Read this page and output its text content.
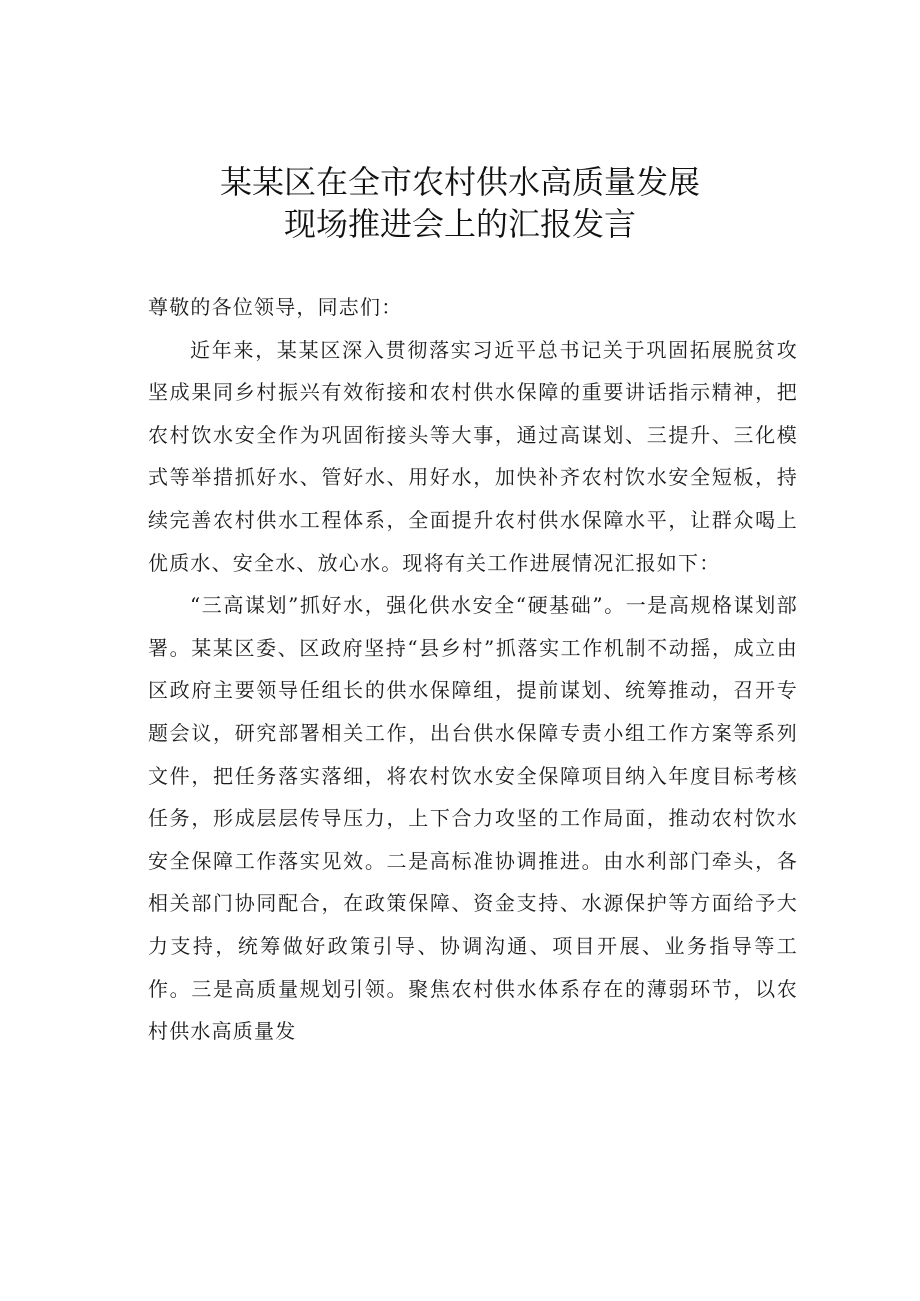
某某区在全市农村供水高质量发展
现场推进会上的汇报发言

尊敬的各位领导，同志们：

近年来，某某区深入贯彻落实习近平总书记关于巩固拓展脱贫攻坚成果同乡村振兴有效衔接和农村供水保障的重要讲话指示精神，把农村饮水安全作为巩固衔接头等大事，通过高谋划、三提升、三化模式等举措抓好水、管好水、用好水，加快补齐农村饮水安全短板，持续完善农村供水工程体系，全面提升农村供水保障水平，让群众喝上优质水、安全水、放心水。现将有关工作进展情况汇报如下：

“三高谋划”抓好水，强化供水安全“硬基础”。一是高规格谋划部署。某某区委、区政府坚持“县乡村”抓落实工作机制不动摇，成立由区政府主要领导任组长的供水保障组，提前谋划、统筹推动，召开专题会议，研究部署相关工作，出台供水保障专责小组工作方案等系列文件，把任务落实落细，将农村饮水安全保障项目纳入年度目标考核任务，形成层层传导压力，上下合力攻坚的工作局面，推动农村饮水安全保障工作落实见效。二是高标准协调推进。由水利部门牵头，各相关部门协同配合，在政策保障、资金支持、水源保护等方面给予大力支持，统筹做好政策引导、协调沟通、项目开展、业务指导等工作。三是高质量规划引领。聚焦农村供水体系存在的薄弱环节，以农村供水高质量发
